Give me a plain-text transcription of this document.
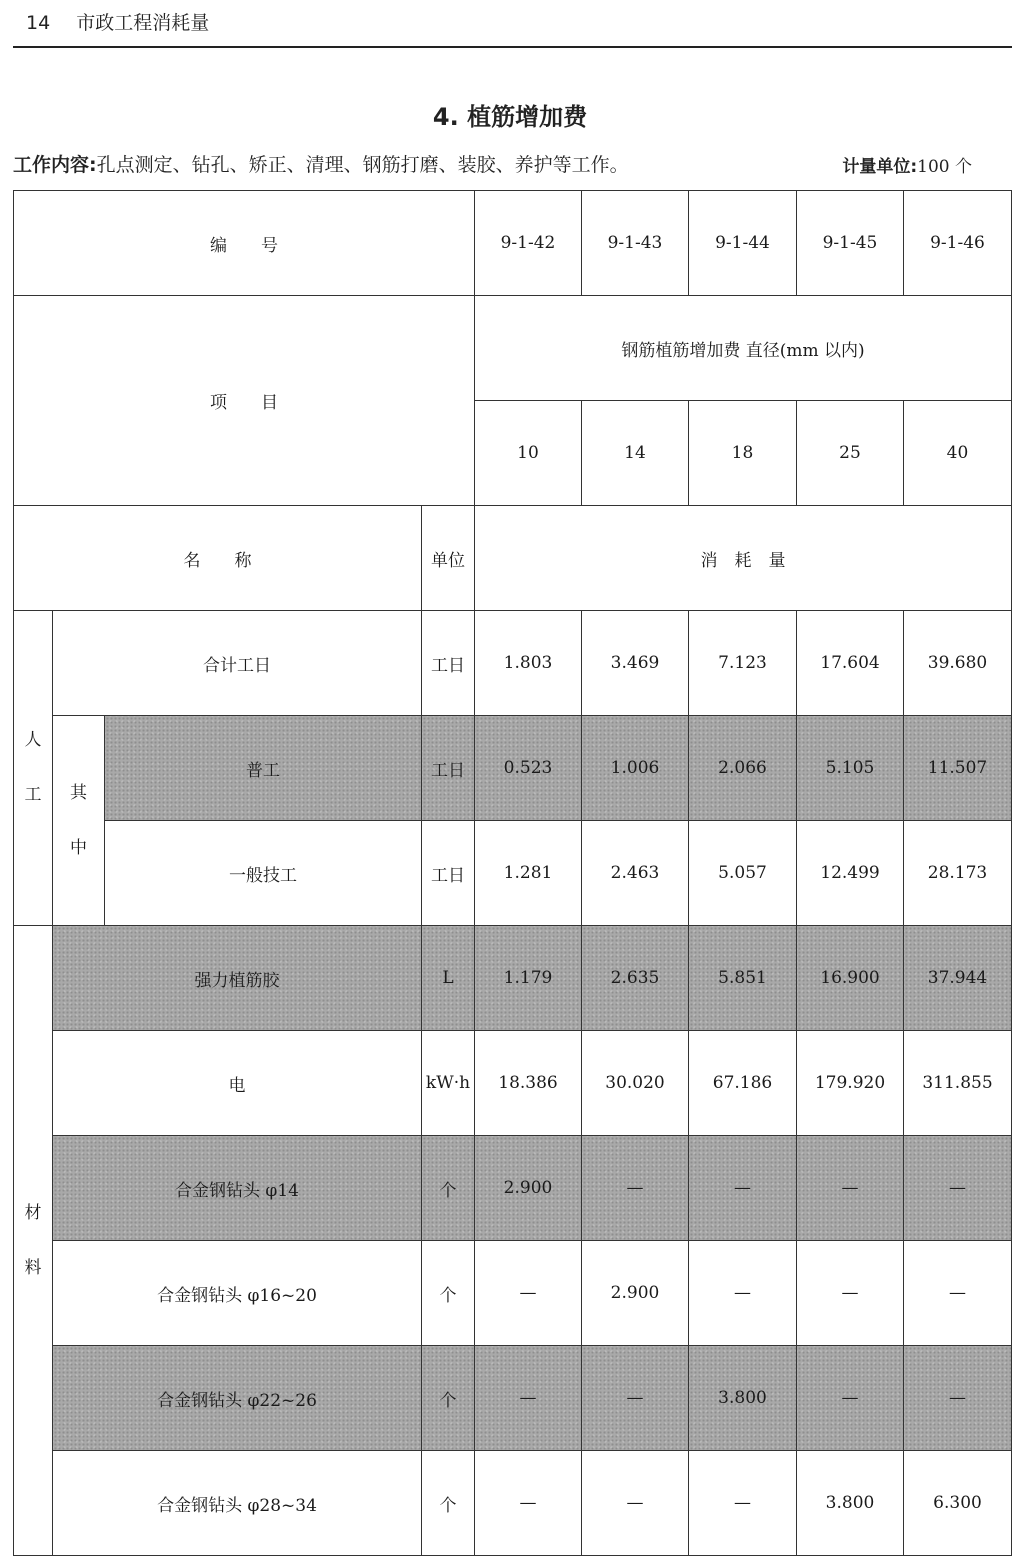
14 市政工程消耗量
4. 植筋增加费
工作内容:孔点测定、钻孔、矫正、清理、钢筋打磨、装胶、养护等工作。	计量单位:100 个
编　　号				9-1-42	9-1-43	9-1-44	9-1-45	9-1-46
项　　目				钢筋植筋增加费 直径(mm 以内)				
				10	14	18	25	40
名　　称			单位	消　耗　量				
人
工	合计工日		工日	1.803	3.469	7.123	17.604	39.680
	其
中	普工	工日	0.523	1.006	2.066	5.105	11.507
		一般技工	工日	1.281	2.463	5.057	12.499	28.173
材
料	强力植筋胶		L	1.179	2.635	5.851	16.900	37.944
	电		kW·h	18.386	30.020	67.186	179.920	311.855
	合金钢钻头 φ14		个	2.900	—	—	—	—
	合金钢钻头 φ16~20		个	—	2.900	—	—	—
	合金钢钻头 φ22~26		个	—	—	3.800	—	—
	合金钢钻头 φ28~34		个	—	—	—	3.800	6.300
